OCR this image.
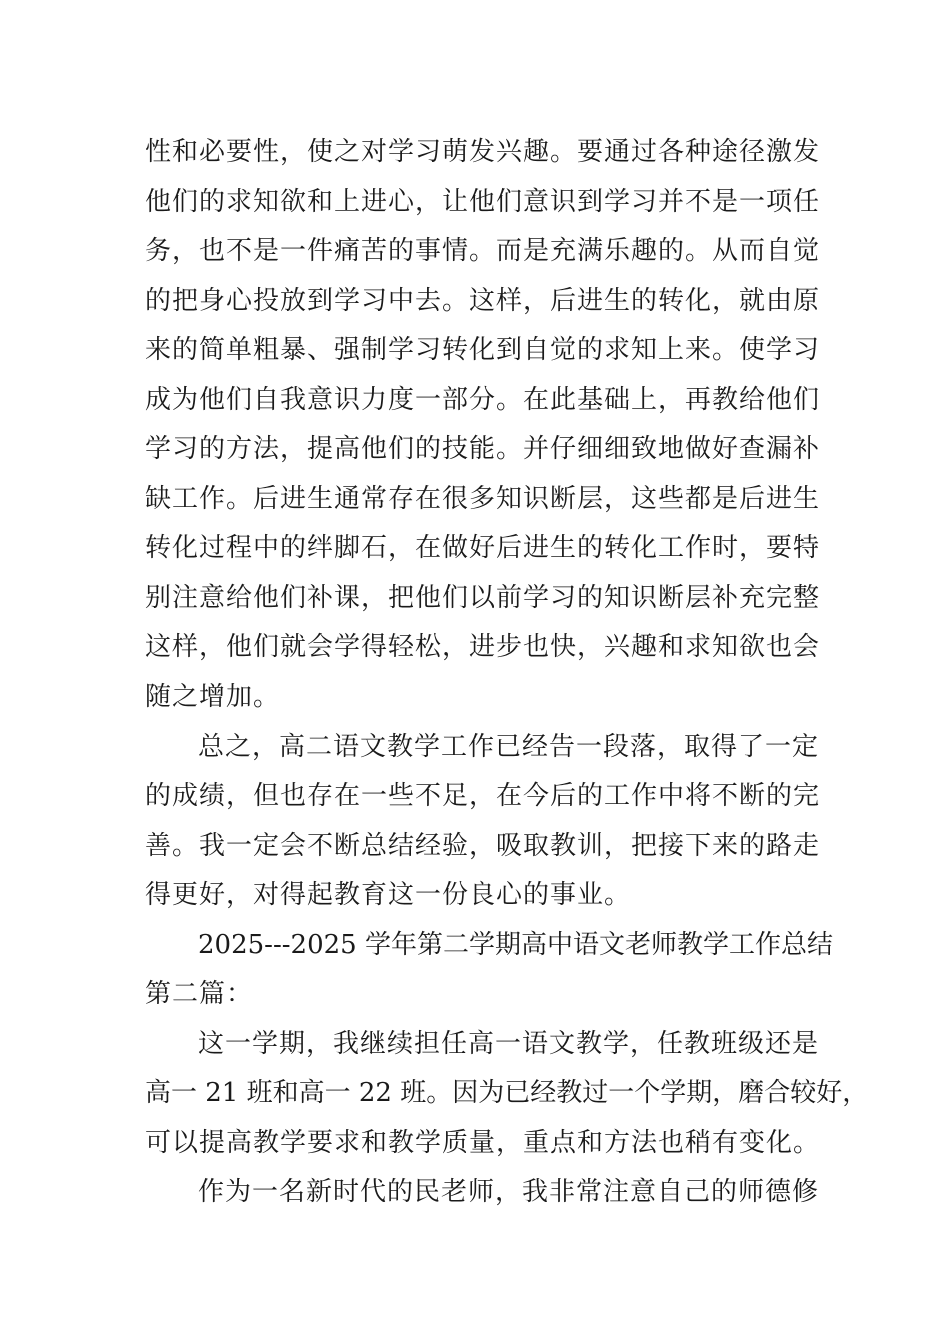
性和必要性，使之对学习萌发兴趣。要通过各种途径激发
他们的求知欲和上进心，让他们意识到学习并不是一项任
务，也不是一件痛苦的事情。而是充满乐趣的。从而自觉
的把身心投放到学习中去。这样，后进生的转化，就由原
来的简单粗暴、强制学习转化到自觉的求知上来。使学习
成为他们自我意识力度一部分。在此基础上，再教给他们
学习的方法，提高他们的技能。并仔细细致地做好查漏补
缺工作。后进生通常存在很多知识断层，这些都是后进生
转化过程中的绊脚石，在做好后进生的转化工作时，要特
别注意给他们补课，把他们以前学习的知识断层补充完整
这样，他们就会学得轻松，进步也快，兴趣和求知欲也会
随之增加。
总之，高二语文教学工作已经告一段落，取得了一定
的成绩，但也存在一些不足，在今后的工作中将不断的完
善。我一定会不断总结经验，吸取教训，把接下来的路走
得更好，对得起教育这一份良心的事业。
2025---2025 学年第二学期高中语文老师教学工作总结
第二篇：
这一学期，我继续担任高一语文教学，任教班级还是
高一 21 班和高一 22 班。因为已经教过一个学期，磨合较好，
可以提高教学要求和教学质量，重点和方法也稍有变化。
作为一名新时代的民老师，我非常注意自己的师德修
